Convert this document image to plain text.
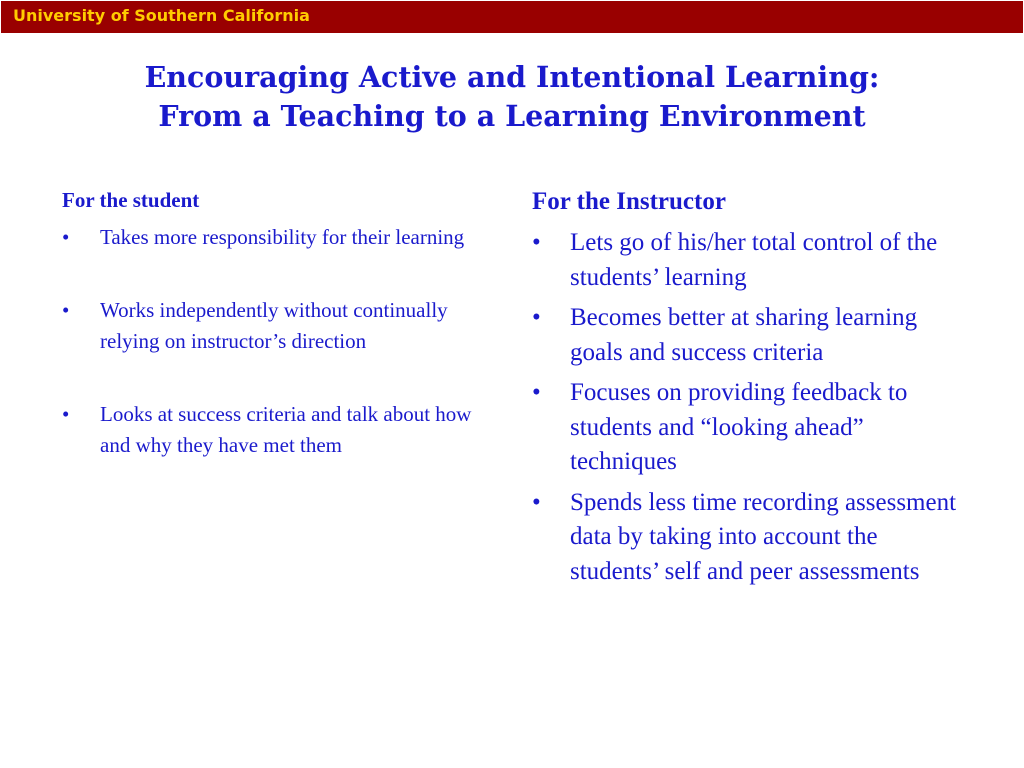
University of Southern California
Encouraging Active and Intentional Learning:
From a Teaching to a Learning Environment
For the student
•	Takes more responsibility for their learning
•	Works independently without continually relying on instructor’s direction
•	Looks at success criteria and talk about how and why they have met them
For the Instructor
•	Lets go of his/her total control of the students’ learning
•	Becomes better at sharing learning goals and success criteria
•	Focuses on providing feedback to students and “looking ahead” techniques
•	Spends less time recording assessment data by taking into account the students’ self and peer assessments
